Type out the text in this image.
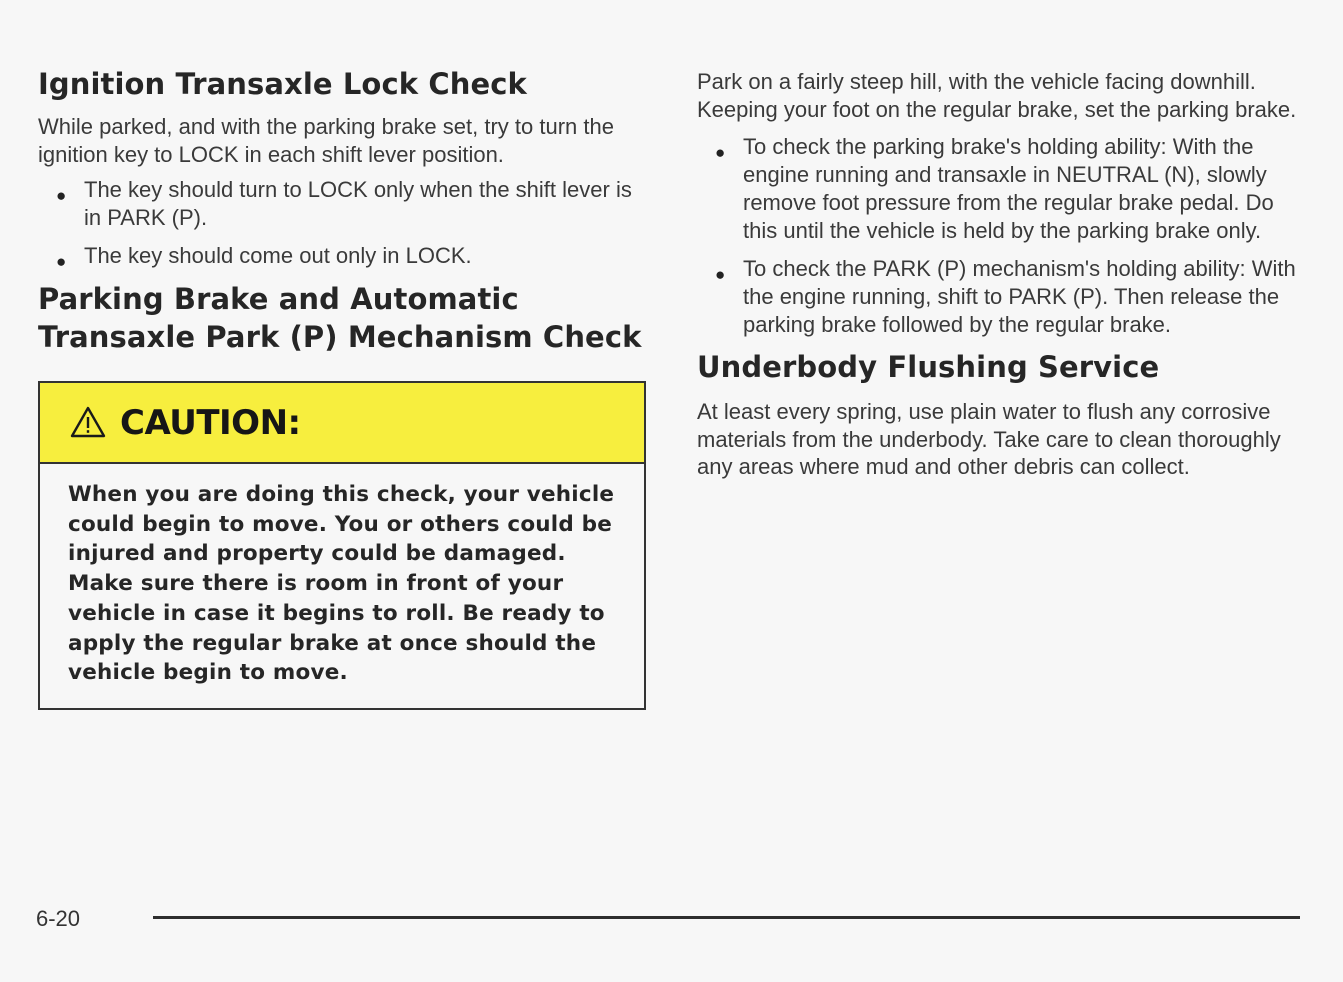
Ignition Transaxle Lock Check

While parked, and with the parking brake set, try to turn the ignition key to LOCK in each shift lever position.

● The key should turn to LOCK only when the shift lever is in PARK (P).
● The key should come out only in LOCK.
Parking Brake and Automatic Transaxle Park (P) Mechanism Check
CAUTION:
When you are doing this check, your vehicle could begin to move. You or others could be injured and property could be damaged. Make sure there is room in front of your vehicle in case it begins to roll. Be ready to apply the regular brake at once should the vehicle begin to move.

Park on a fairly steep hill, with the vehicle facing downhill. Keeping your foot on the regular brake, set the parking brake.

● To check the parking brake's holding ability: With the engine running and transaxle in NEUTRAL (N), slowly remove foot pressure from the regular brake pedal. Do this until the vehicle is held by the parking brake only.
● To check the PARK (P) mechanism's holding ability: With the engine running, shift to PARK (P). Then release the parking brake followed by the regular brake.
Underbody Flushing Service

At least every spring, use plain water to flush any corrosive materials from the underbody. Take care to clean thoroughly any areas where mud and other debris can collect.

6-20
